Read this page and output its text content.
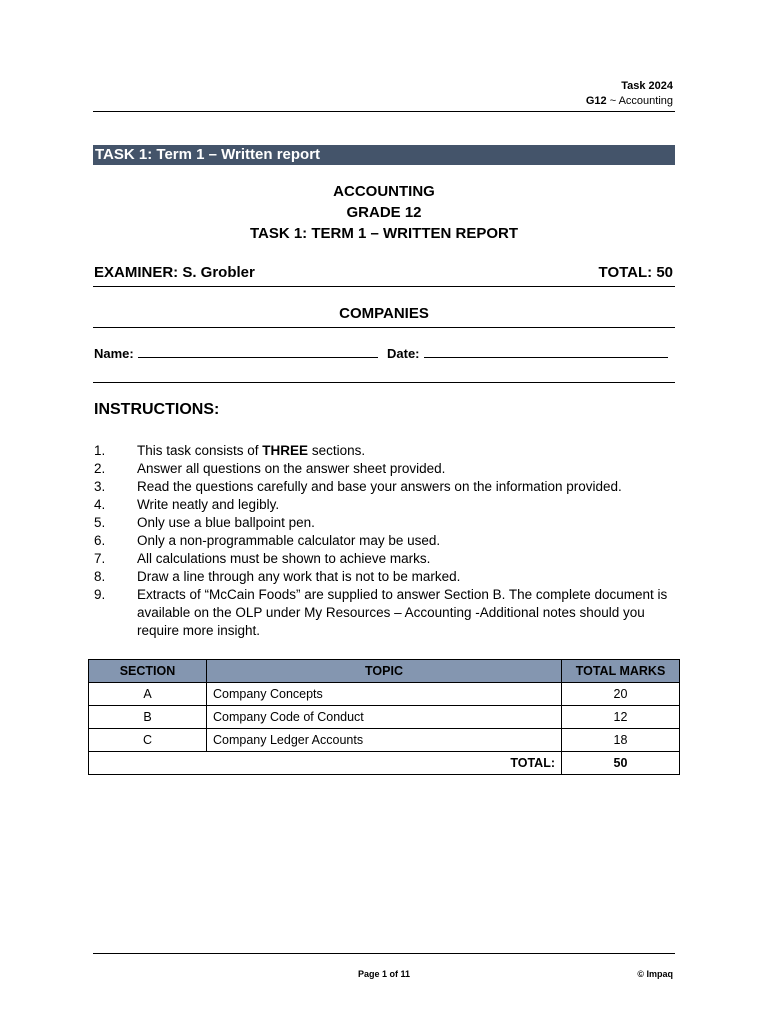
Task 2024
G12 ~ Accounting
TASK 1: Term 1 – Written report
ACCOUNTING
GRADE 12
TASK 1: TERM 1 – WRITTEN REPORT
EXAMINER: S. Grobler	TOTAL: 50
COMPANIES
Name:	Date:
INSTRUCTIONS:
1.	This task consists of THREE sections.
2.	Answer all questions on the answer sheet provided.
3.	Read the questions carefully and base your answers on the information provided.
4.	Write neatly and legibly.
5.	Only use a blue ballpoint pen.
6.	Only a non-programmable calculator may be used.
7.	All calculations must be shown to achieve marks.
8.	Draw a line through any work that is not to be marked.
9.	Extracts of “McCain Foods” are supplied to answer Section B. The complete document is available on the OLP under My Resources – Accounting -Additional notes should you require more insight.
SECTION	TOPIC	TOTAL MARKS
A	Company Concepts	20
B	Company Code of Conduct	12
C	Company Ledger Accounts	18
TOTAL:		50
Page 1 of 11	© Impaq
